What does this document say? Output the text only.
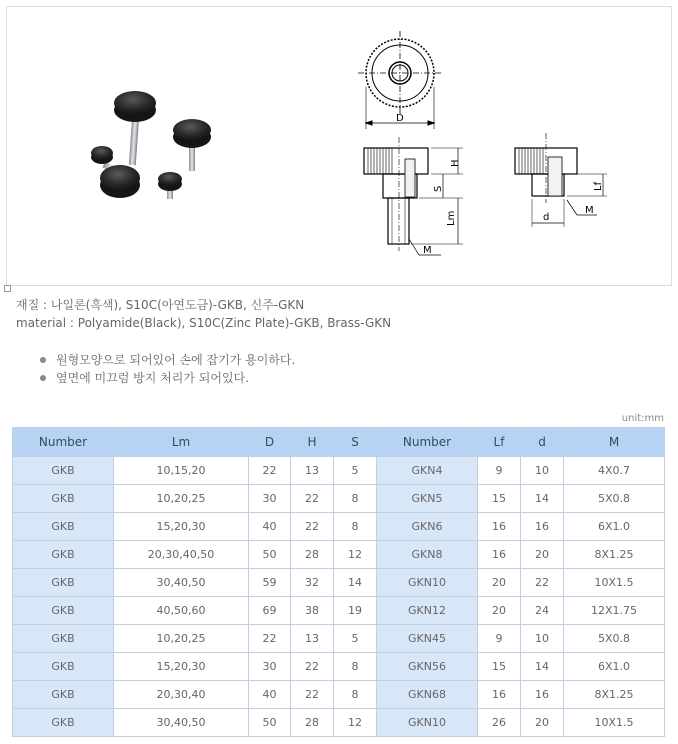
D
H
S
Lm
M
Lf
d
M
재질 : 나일론(흑색), S10C(아연도금)-GKB, 신주-GKN
material : Polyamide(Black), S10C(Zinc Plate)-GKB, Brass-GKN
원형모양으로 되어있어 손에 잡기가 용이하다.
옆면에 미끄럼 방지 처리가 되어있다.
unit:mm
Number	Lm	D	H	S	Number	Lf	d	M
GKB	10,15,20	22	13	5	GKN4	9	10	4X0.7
GKB	10,20,25	30	22	8	GKN5	15	14	5X0.8
GKB	15,20,30	40	22	8	GKN6	16	16	6X1.0
GKB	20,30,40,50	50	28	12	GKN8	16	20	8X1.25
GKB	30,40,50	59	32	14	GKN10	20	22	10X1.5
GKB	40,50,60	69	38	19	GKN12	20	24	12X1.75
GKB	10,20,25	22	13	5	GKN45	9	10	5X0.8
GKB	15,20,30	30	22	8	GKN56	15	14	6X1.0
GKB	20,30,40	40	22	8	GKN68	16	16	8X1.25
GKB	30,40,50	50	28	12	GKN10	26	20	10X1.5
